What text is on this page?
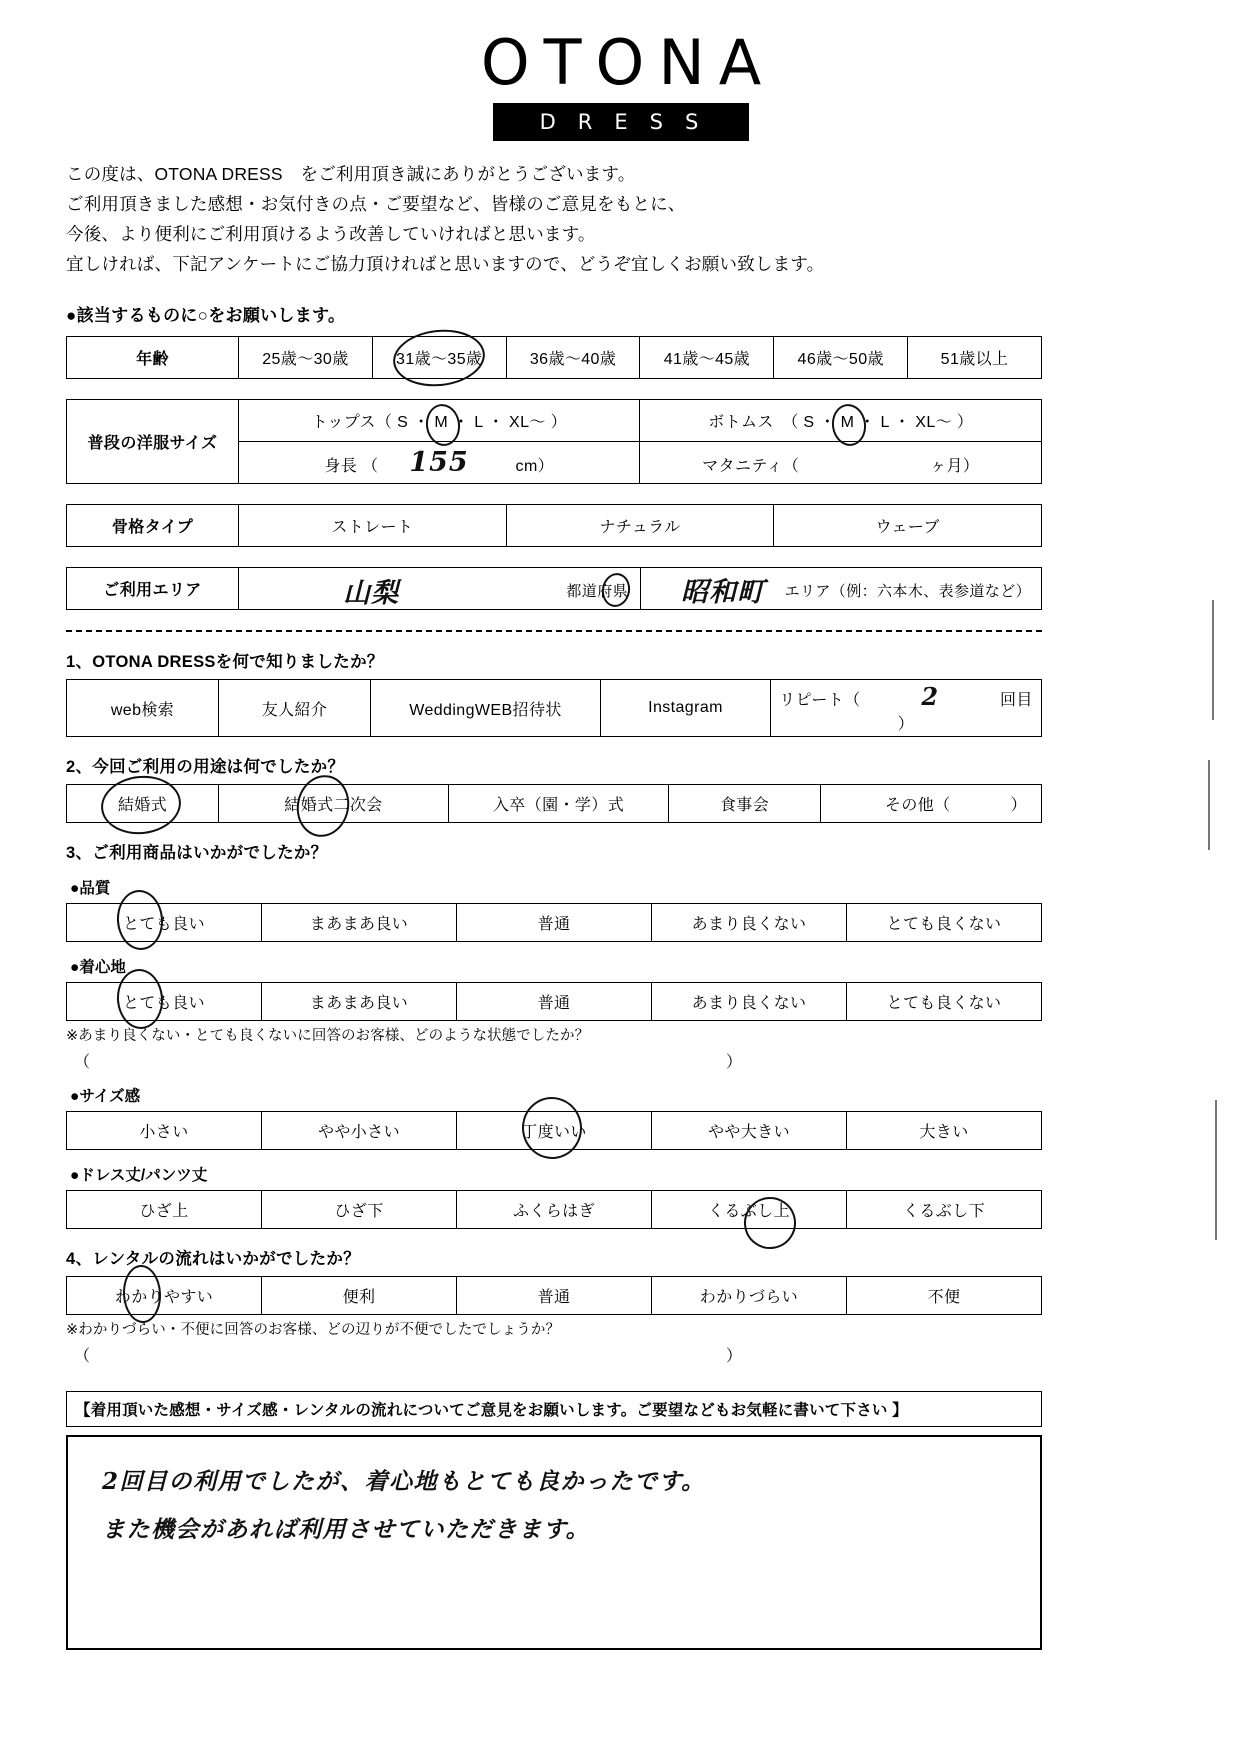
OTONA
DRESS
この度は、OTONA DRESS　をご利用頂き誠にありがとうございます。
ご利用頂きました感想・お気付きの点・ご要望など、皆様のご意見をもとに、
今後、より便利にご利用頂けるよう改善していければと思います。
宜しければ、下記アンケートにご協力頂ければと思いますので、どうぞ宜しくお願い致します。
●該当するものに○をお願いします。
年齢	25歳～30歳	31歳～35歳	36歳～40歳	41歳～45歳	46歳～50歳	51歳以上
普段の洋服サイズ	トップス（ S ・ M ・ L ・ XL～ ）	ボトムス　（ S ・ M ・ L ・ XL～ ）
	身長 （ 155 cm）	マタニティ（ ヶ月）
骨格タイプ	ストレート	ナチュラル	ウェーブ
ご利用エリア	山梨	都道府県	昭和町 エリア（例：六本木、表参道など）
1、OTONA DRESSを何で知りましたか？
web検索	友人紹介	WeddingWEB招待状	Instagram	リピート（	2	回目 ）
2、今回ご利用の用途は何でしたか？
結婚式	結婚式二次会	入卒（園・学）式	食事会	その他（	）
3、ご利用商品はいかがでしたか？
●品質
とても良い	まあまあ良い	普通	あまり良くない	とても良くない
●着心地
とても良い	まあまあ良い	普通	あまり良くない	とても良くない
※あまり良くない・とても良くないに回答のお客様、どのような状態でしたか？
（	）
●サイズ感
小さい	やや小さい	丁度いい	やや大きい	大きい
●ドレス丈/パンツ丈
ひざ上	ひざ下	ふくらはぎ	くるぶし上	くるぶし下
4、レンタルの流れはいかがでしたか？
わかりやすい	便利	普通	わかりづらい	不便
※わかりづらい・不便に回答のお客様、どの辺りが不便でしたでしょうか？
（	）
【着用頂いた感想・サイズ感・レンタルの流れについてご意見をお願いします。ご要望などもお気軽に書いて下さい 】
2回目の利用でしたが、着心地もとても良かったです。
また機会があれば利用させていただきます。
